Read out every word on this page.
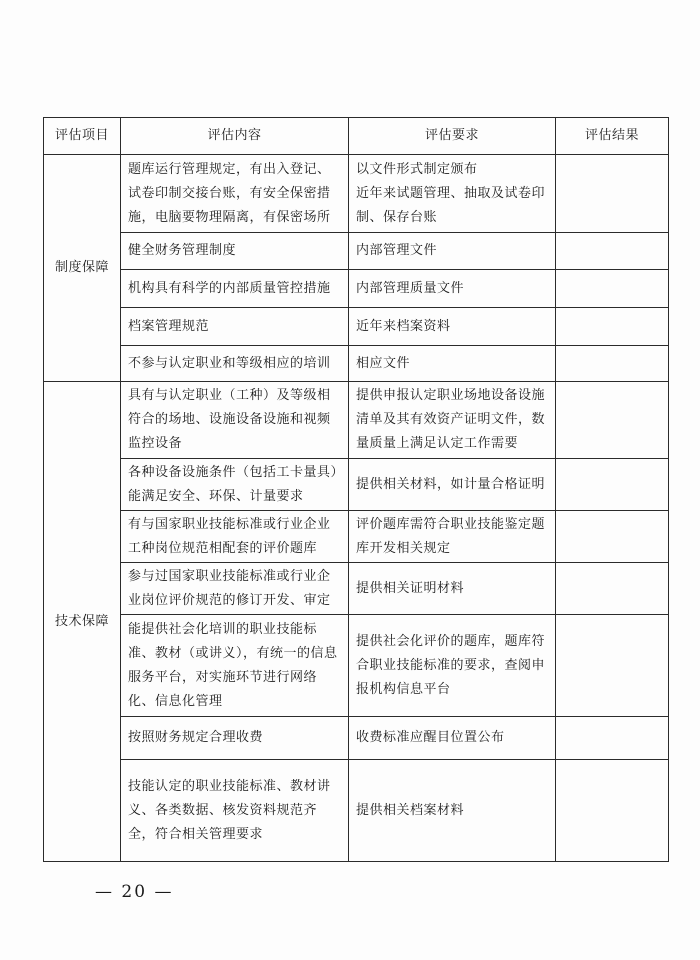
评估项目	评估内容	评估要求	评估结果
制度保障	题库运行管理规定，有出入登记、试卷印制交接台账，有安全保密措施，电脑要物理隔离，有保密场所	以文件形式制定颁布
近年来试题管理、抽取及试卷印制、保存台账	
	健全财务管理制度	内部管理文件	
	机构具有科学的内部质量管控措施	内部管理质量文件	
	档案管理规范	近年来档案资料	
	不参与认定职业和等级相应的培训	相应文件	
技术保障	具有与认定职业（工种）及等级相符合的场地、设施设备设施和视频监控设备	提供申报认定职业场地设备设施清单及其有效资产证明文件，数量质量上满足认定工作需要	
	各种设备设施条件（包括工卡量具）能满足安全、环保、计量要求	提供相关材料，如计量合格证明	
	有与国家职业技能标准或行业企业工种岗位规范相配套的评价题库	评价题库需符合职业技能鉴定题库开发相关规定	
	参与过国家职业技能标准或行业企业岗位评价规范的修订开发、审定	提供相关证明材料	
	能提供社会化培训的职业技能标准、教材（或讲义），有统一的信息服务平台，对实施环节进行网络化、信息化管理	提供社会化评价的题库，题库符合职业技能标准的要求，查阅申报机构信息平台	
	按照财务规定合理收费	收费标准应醒目位置公布	
	技能认定的职业技能标准、教材讲义、各类数据、核发资料规范齐全，符合相关管理要求	提供相关档案材料	
— 20 —
